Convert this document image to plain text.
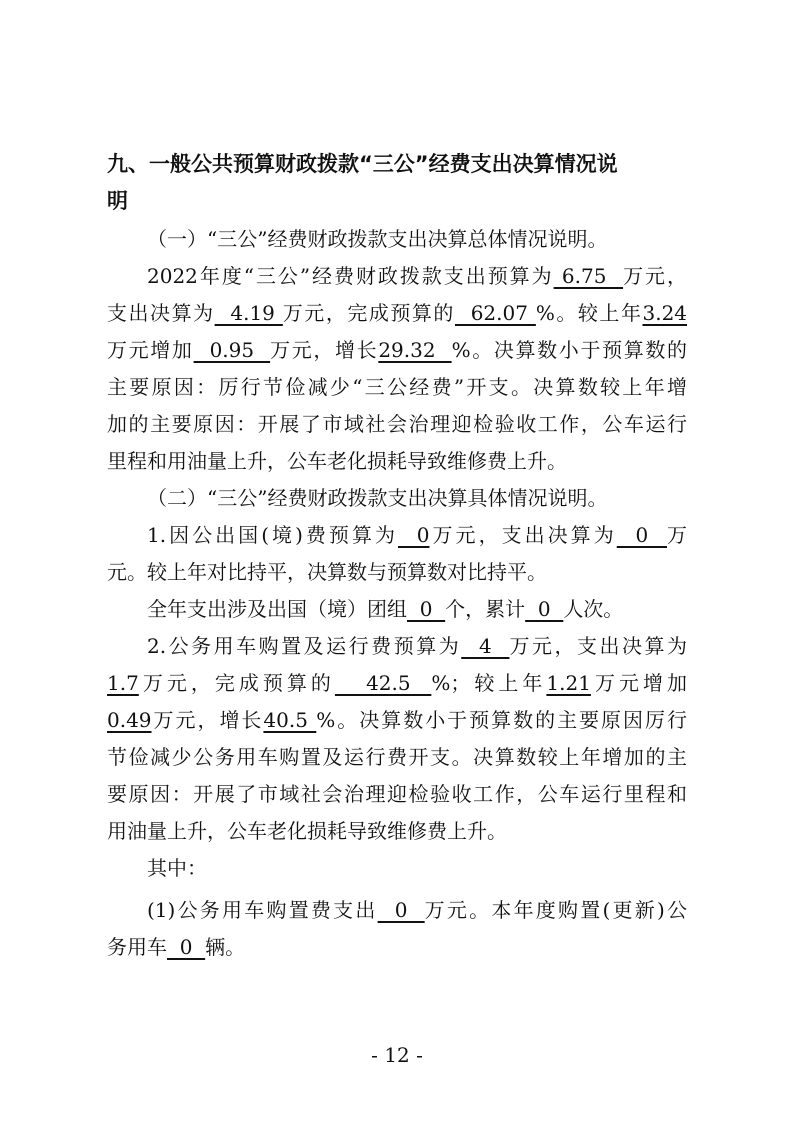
九、一般公共预算财政拨款“三公”经费支出决算情况说
明
（一）“三公”经费财政拨款支出决算总体情况说明。
2022年度“三公”经费财政拨款支出预算为 6.75  万元，
支出决算为  4.19 万元，完成预算的  62.07 %。较上年3.24
万元增加  0.95  万元，增长29.32  %。决算数小于预算数的
主要原因：厉行节俭减少“三公经费”开支。决算数较上年增
加的主要原因：开展了市域社会治理迎检验收工作，公车运行
里程和用油量上升，公车老化损耗导致维修费上升。
（二）“三公”经费财政拨款支出决算具体情况说明。
1.因公出国(境)费预算为  0万元，支出决算为  0  万
元。较上年对比持平，决算数与预算数对比持平。
全年支出涉及出国（境）团组  0  个，累计  0  人次。
2.公务用车购置及运行费预算为  4  万元，支出决算为
1.7万元，完成预算的   42.5  %；较上年1.21万元增加
0.49万元，增长40.5 %。决算数小于预算数的主要原因厉行
节俭减少公务用车购置及运行费开支。决算数较上年增加的主
要原因：开展了市域社会治理迎检验收工作，公车运行里程和
用油量上升，公车老化损耗导致维修费上升。
其中：
(1)公务用车购置费支出  0  万元。本年度购置(更新)公
务用车  0  辆。
- 12 -
